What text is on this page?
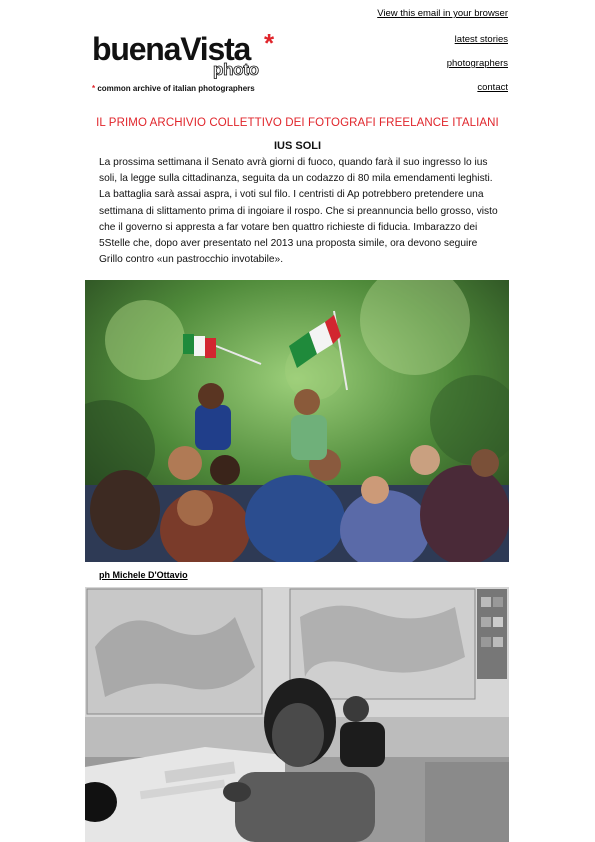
View this email in your browser
latest stories
photographers
contact
buenaVista *
photo
* common archive of italian photographers
IL PRIMO ARCHIVIO COLLETTIVO DEI FOTOGRAFI FREELANCE ITALIANI
IUS SOLI
La prossima settimana il Senato avrà giorni di fuoco, quando farà il suo ingresso lo ius soli, la legge sulla cittadinanza, seguita da un codazzo di 80 mila emendamenti leghisti. La battaglia sarà assai aspra, i voti sul filo. I centristi di Ap potrebbero pretendere una settimana di slittamento prima di ingoiare il rospo. Che si preannuncia bello grosso, visto che il governo si appresta a far votare ben quattro richieste di fiducia. Imbarazzo dei 5Stelle che, dopo aver presentato nel 2013 una proposta simile, ora devono seguire Grillo contro «un pastrocchio invotabile».
ph Michele D'Ottavio
